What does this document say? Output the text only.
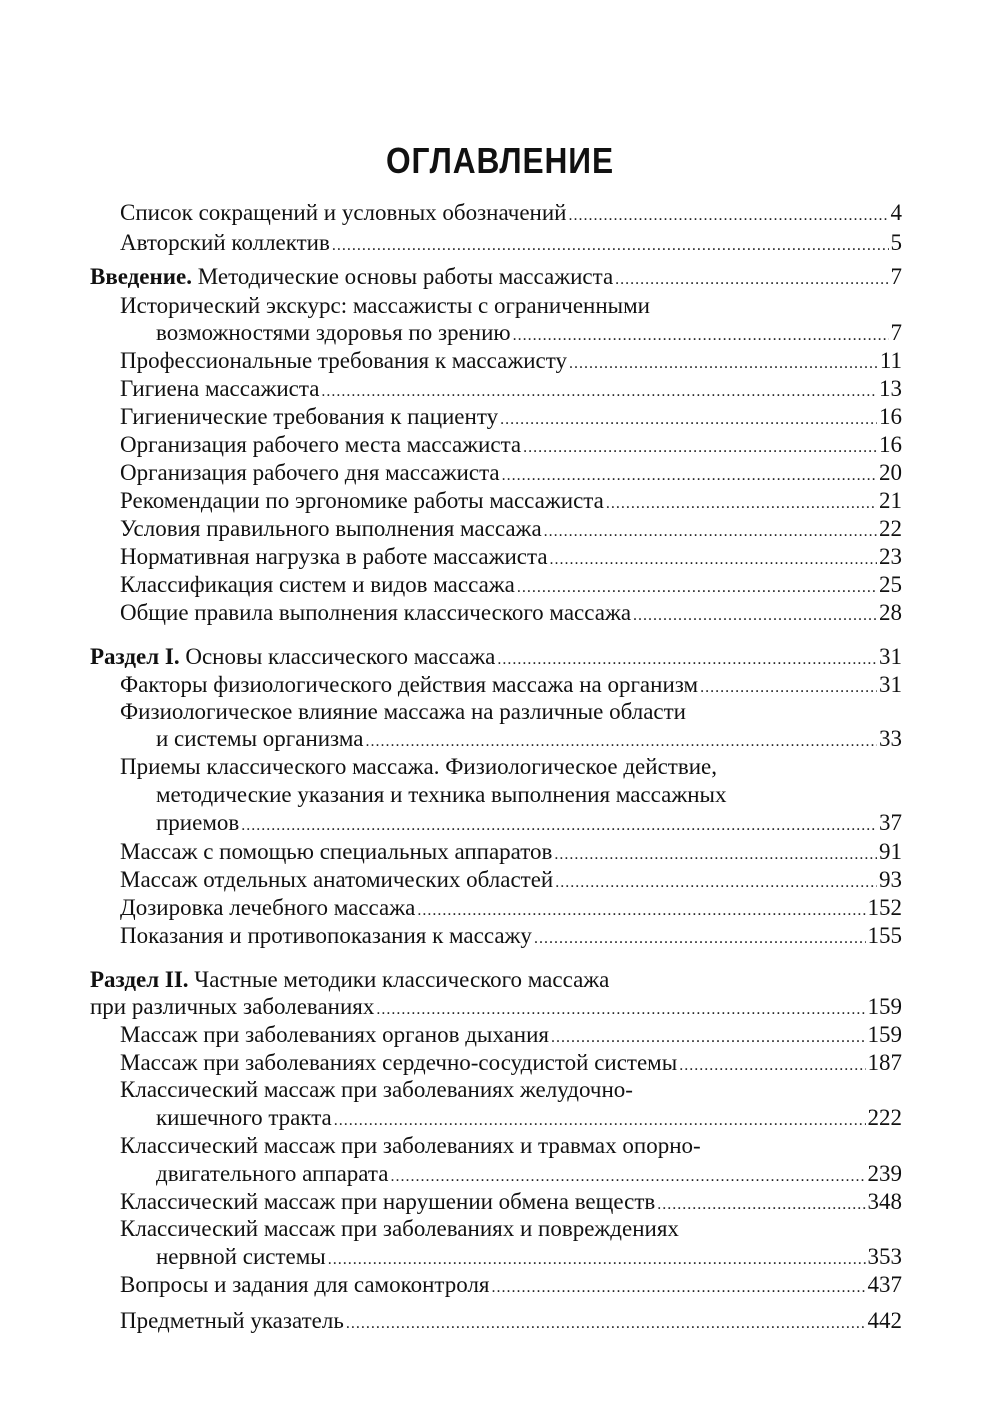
ОГЛАВЛЕНИЕ
Список сокращений и условных обозначений .....	4
Авторский коллектив .....	5
Введение. Методические основы работы массажиста .....	7
Исторический экскурс: массажисты с ограниченными
возможностями здоровья по зрению .....	7
Профессиональные требования к массажисту .....	11
Гигиена массажиста .....	13
Гигиенические требования к пациенту .....	16
Организация рабочего места массажиста .....	16
Организация рабочего дня массажиста .....	20
Рекомендации по эргономике работы массажиста .....	21
Условия правильного выполнения массажа .....	22
Нормативная нагрузка в работе массажиста .....	23
Классификация систем и видов массажа .....	25
Общие правила выполнения классического массажа .....	28
Раздел I. Основы классического массажа .....	31
Факторы физиологического действия массажа на организм .....	31
Физиологическое влияние массажа на различные области
и системы организма .....	33
Приемы классического массажа. Физиологическое действие,
методические указания и техника выполнения массажных
приемов .....	37
Массаж с помощью специальных аппаратов .....	91
Массаж отдельных анатомических областей .....	93
Дозировка лечебного массажа .....	152
Показания и противопоказания к массажу .....	155
Раздел II. Частные методики классического массажа
при различных заболеваниях .....	159
Массаж при заболеваниях органов дыхания .....	159
Массаж при заболеваниях сердечно-сосудистой системы .....	187
Классический массаж при заболеваниях желудочно-
кишечного тракта .....	222
Классический массаж при заболеваниях и травмах опорно-
двигательного аппарата .....	239
Классический массаж при нарушении обмена веществ .....	348
Классический массаж при заболеваниях и повреждениях
нервной системы .....	353
Вопросы и задания для самоконтроля .....	437
Предметный указатель .....	442
